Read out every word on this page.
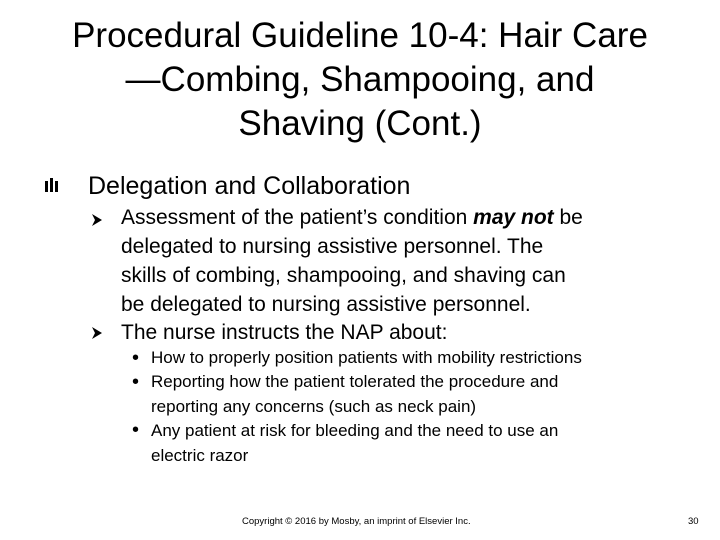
Procedural Guideline 10-4: Hair Care
—Combing, Shampooing, and
Shaving (Cont.)
Delegation and Collaboration
Assessment of the patient’s condition may not be
delegated to nursing assistive personnel. The
skills of combing, shampooing, and shaving can
be delegated to nursing assistive personnel.
The nurse instructs the NAP about:
• How to properly position patients with mobility restrictions
• Reporting how the patient tolerated the procedure and
reporting any concerns (such as neck pain)
• Any patient at risk for bleeding and the need to use an
electric razor
Copyright © 2016 by Mosby, an imprint of Elsevier Inc.	30
